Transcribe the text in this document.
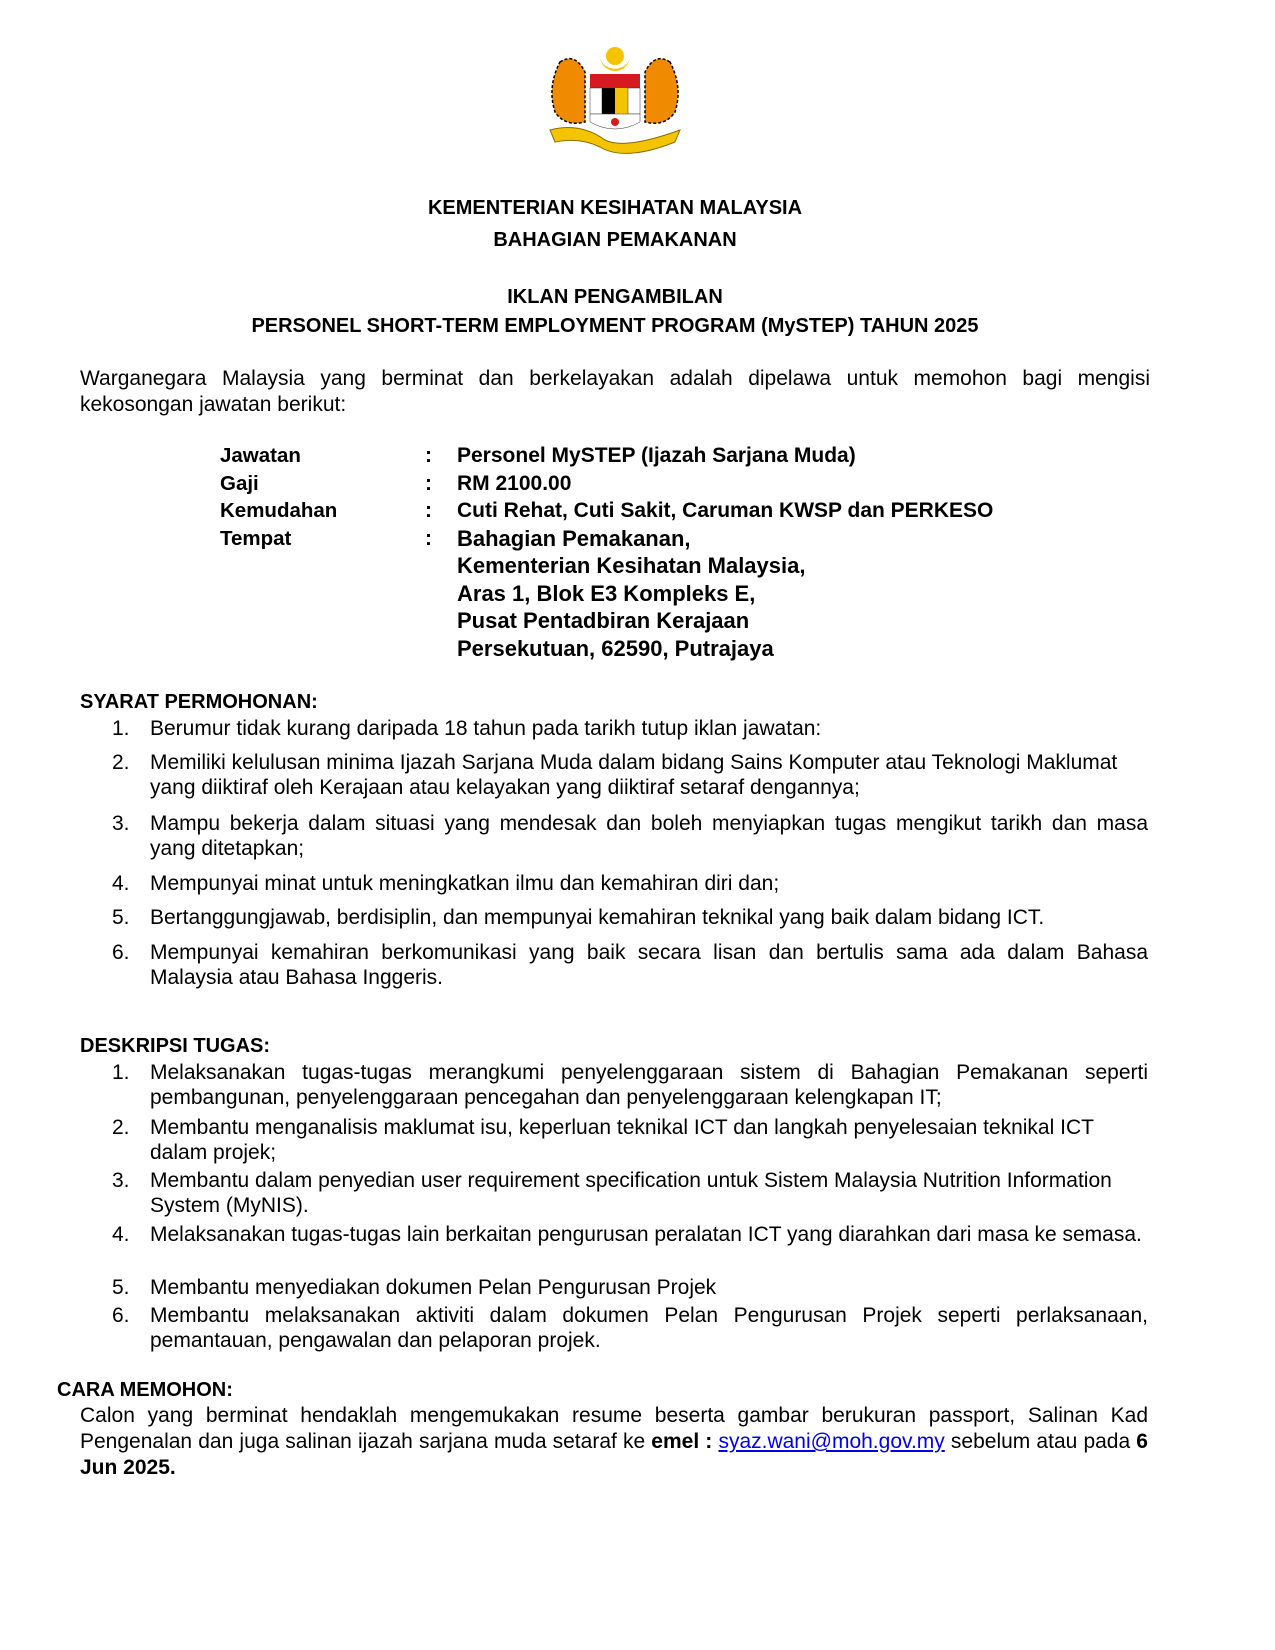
KEMENTERIAN KESIHATAN MALAYSIA
BAHAGIAN PEMAKANAN
IKLAN PENGAMBILAN
PERSONEL SHORT-TERM EMPLOYMENT PROGRAM (MySTEP) TAHUN 2025
Warganegara Malaysia yang berminat dan berkelayakan adalah dipelawa untuk memohon bagi mengisi kekosongan jawatan berikut:
Jawatan	:	Personel MySTEP (Ijazah Sarjana Muda)
Gaji	:	RM 2100.00
Kemudahan	:	Cuti Rehat, Cuti Sakit, Caruman KWSP dan PERKESO
Tempat	:	Bahagian Pemakanan,
Kementerian Kesihatan Malaysia,
Aras 1, Blok E3 Kompleks E,
Pusat Pentadbiran Kerajaan
Persekutuan, 62590, Putrajaya
SYARAT PERMOHONAN:
1. Berumur tidak kurang daripada 18 tahun pada tarikh tutup iklan jawatan:
2. Memiliki kelulusan minima Ijazah Sarjana Muda dalam bidang Sains Komputer atau Teknologi Maklumat yang diiktiraf oleh Kerajaan atau kelayakan yang diiktiraf setaraf dengannya;
3. Mampu bekerja dalam situasi yang mendesak dan boleh menyiapkan tugas mengikut tarikh dan masa yang ditetapkan;
4. Mempunyai minat untuk meningkatkan ilmu dan kemahiran diri dan;
5. Bertanggungjawab, berdisiplin, dan mempunyai kemahiran teknikal yang baik dalam bidang ICT.
6. Mempunyai kemahiran berkomunikasi yang baik secara lisan dan bertulis sama ada dalam Bahasa Malaysia atau Bahasa Inggeris.
DESKRIPSI TUGAS:
1. Melaksanakan tugas-tugas merangkumi penyelenggaraan sistem di Bahagian Pemakanan seperti pembangunan, penyelenggaraan pencegahan dan penyelenggaraan kelengkapan IT;
2. Membantu menganalisis maklumat isu, keperluan teknikal ICT dan langkah penyelesaian teknikal ICT dalam projek;
3. Membantu dalam penyedian user requirement specification untuk Sistem Malaysia Nutrition Information System (MyNIS).
4. Melaksanakan tugas-tugas lain berkaitan pengurusan peralatan ICT yang diarahkan dari masa ke semasa.
5. Membantu menyediakan dokumen Pelan Pengurusan Projek
6. Membantu melaksanakan aktiviti dalam dokumen Pelan Pengurusan Projek seperti perlaksanaan, pemantauan, pengawalan dan pelaporan projek.
CARA MEMOHON:
Calon yang berminat hendaklah mengemukakan resume beserta gambar berukuran passport, Salinan Kad Pengenalan dan juga salinan ijazah sarjana muda setaraf ke emel : syaz.wani@moh.gov.my sebelum atau pada 6 Jun 2025.
